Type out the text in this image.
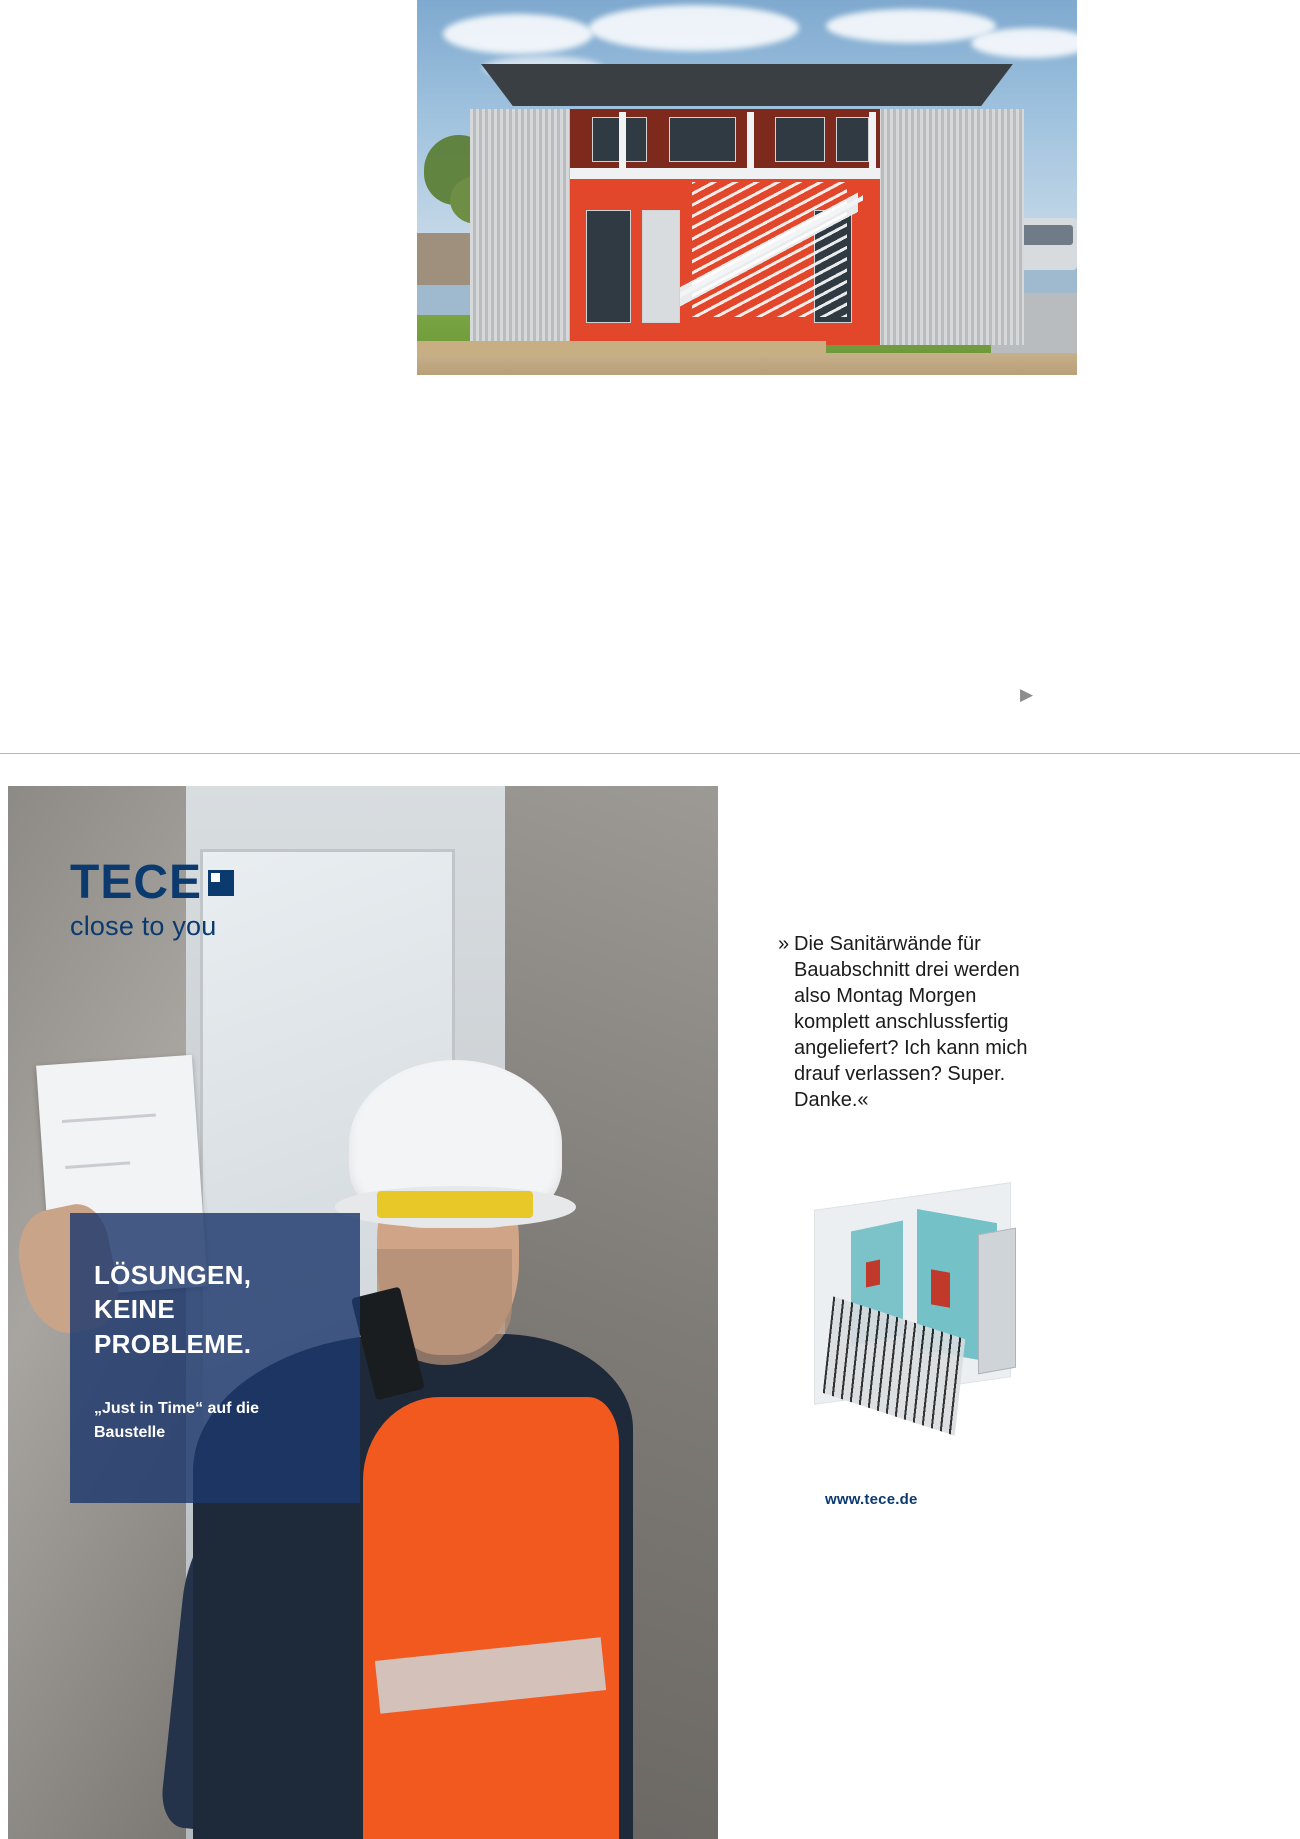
▶
TECE
close to you
LÖSUNGEN,
KEINE
PROBLEME.

„Just in Time“ auf die
Baustelle

» Die Sanitärwände für Bauabschnitt drei werden also Montag Morgen komplett anschlussfertig angeliefert? Ich kann mich drauf verlassen? Super. Danke.«
www.tece.de
